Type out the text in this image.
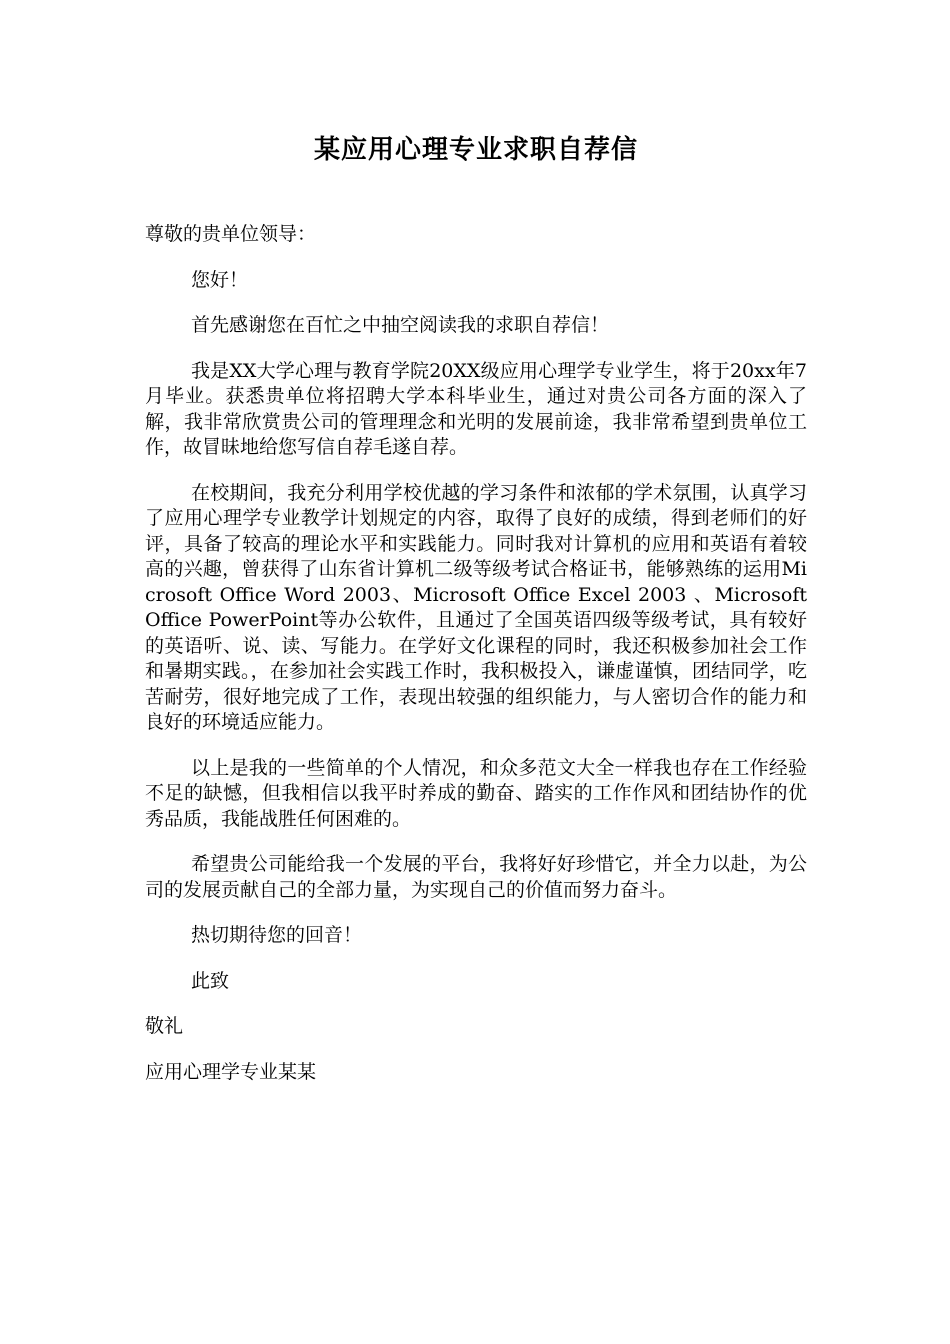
某应用心理专业求职自荐信
尊敬的贵单位领导：
您好！
首先感谢您在百忙之中抽空阅读我的求职自荐信！
我是XX大学心理与教育学院20XX级应用心理学专业学生，将于20xx年7月毕业。获悉贵单位将招聘大学本科毕业生，通过对贵公司各方面的深入了解，我非常欣赏贵公司的管理理念和光明的发展前途，我非常希望到贵单位工作，故冒昧地给您写信自荐毛遂自荐。
在校期间，我充分利用学校优越的学习条件和浓郁的学术氛围，认真学习了应用心理学专业教学计划规定的内容，取得了良好的成绩，得到老师们的好评，具备了较高的理论水平和实践能力。同时我对计算机的应用和英语有着较高的兴趣，曾获得了山东省计算机二级等级考试合格证书，能够熟练的运用Microsoft Office Word 2003、Microsoft Office Excel 2003 、Microsoft Office PowerPoint等办公软件，且通过了全国英语四级等级考试，具有较好的英语听、说、读、写能力。在学好文化课程的同时，我还积极参加社会工作和暑期实践。，在参加社会实践工作时，我积极投入，谦虚谨慎，团结同学，吃苦耐劳，很好地完成了工作，表现出较强的组织能力，与人密切合作的能力和良好的环境适应能力。
以上是我的一些简单的个人情况，和众多范文大全一样我也存在工作经验不足的缺憾，但我相信以我平时养成的勤奋、踏实的工作作风和团结协作的优秀品质，我能战胜任何困难的。
希望贵公司能给我一个发展的平台，我将好好珍惜它，并全力以赴，为公司的发展贡献自己的全部力量，为实现自己的价值而努力奋斗。
热切期待您的回音！
此致
敬礼
应用心理学专业某某
